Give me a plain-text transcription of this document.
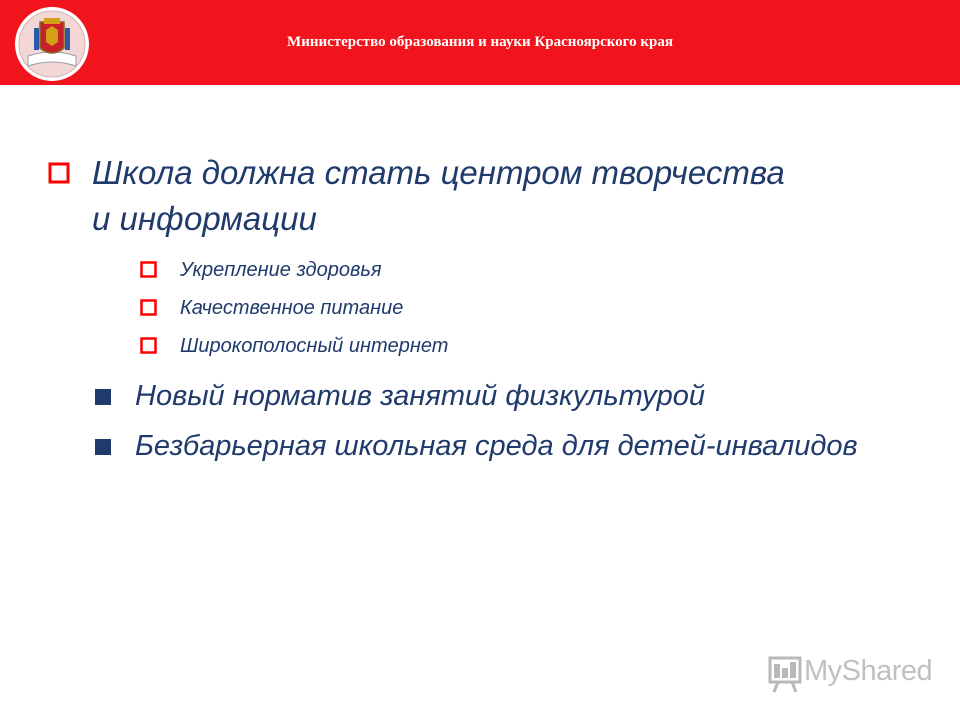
Министерство образования и науки Красноярского края
Школа должна стать центром творчества и информации
Укрепление здоровья
Качественное питание
Широкополосный интернет
Новый норматив занятий физкультурой
Безбарьерная школьная среда для детей-инвалидов
MyShared
